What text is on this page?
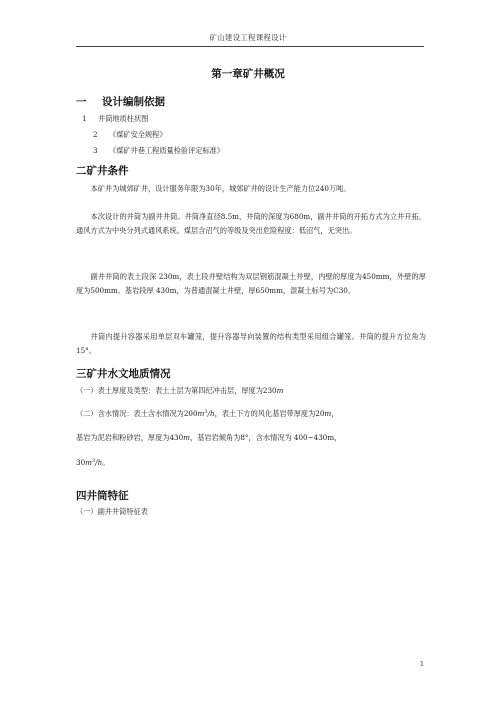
矿山建设工程课程设计
第一章矿井概况
一 设计编制依据
1 井筒地质柱状图
2 《煤矿安全规程》
3 《煤矿井巷工程质量检验评定标准》
二矿井条件
本矿井为城郊矿井，设计服务年限为30年，城郊矿井的设计生产能力位240万吨。
本次设计的井筒为副井井筒。井筒净直径8.5m，井筒的深度为680m，副井井筒的开拓方式为立井开拓，通风方式为中央分列式通风系统。煤层含沼气的等级及突出危险程度：低沼气，无突出。
副井井筒的表土段深 230m，表土段井壁结构为双层钢筋混凝土井壁，内壁的厚度为450mm，外壁的厚度为500mm。基岩段厚 430m，为普通混凝土井壁，厚650mm，混凝土标号为C30。
井筒内提升容器采用单层双车罐笼，提升容器导向装置的结构类型采用组合罐笼。井筒的提升方位角为15°。
三矿井水文地质情况
（一）表土厚度及类型：表土土层为第四纪冲击层，厚度为230m
（二）含水情况：表土含水情况为$200m^3/h$，表土下方的风化基岩带厚度为20m，
基岩为泥岩和粉砂岩，厚度为430m，基岩岩倾角为8°，含水情况为 400~430m，
$30m^3/h$。
四井筒特征
（一）副井井筒特征表
1
